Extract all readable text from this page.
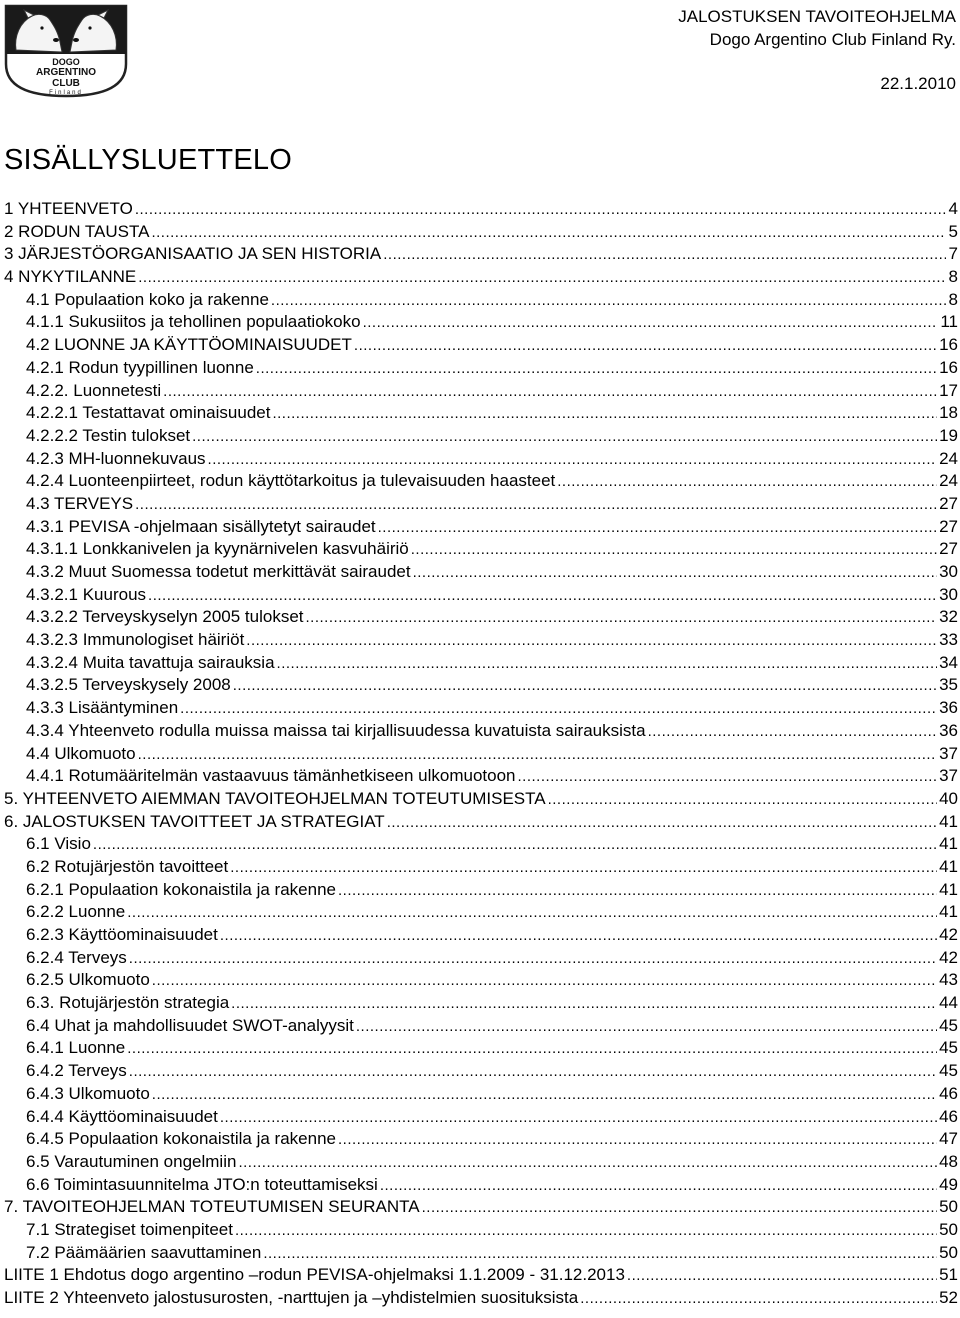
DOGO
ARGENTINO
CLUB
Finland
JALOSTUKSEN TAVOITEOHJELMA
Dogo Argentino Club Finland Ry.
22.1.2010
SISÄLLYSLUETTELO
1 YHTEENVETO .....	4
2 RODUN TAUSTA .....	5
3 JÄRJESTÖORGANISAATIO JA SEN HISTORIA .....	7
4 NYKYTILANNE .....	8
4.1 Populaation koko ja rakenne .....	8
4.1.1 Sukusiitos ja tehollinen populaatiokoko .....	11
4.2 LUONNE JA KÄYTTÖOMINAISUUDET .....	16
4.2.1 Rodun tyypillinen luonne .....	16
4.2.2. Luonnetesti .....	17
4.2.2.1 Testattavat ominaisuudet .....	18
4.2.2.2 Testin tulokset .....	19
4.2.3 MH-luonnekuvaus .....	24
4.2.4 Luonteenpiirteet, rodun käyttötarkoitus ja tulevaisuuden haasteet .....	24
4.3 TERVEYS .....	27
4.3.1 PEVISA -ohjelmaan sisällytetyt sairaudet .....	27
4.3.1.1 Lonkkanivelen ja kyynärnivelen kasvuhäiriö .....	27
4.3.2 Muut Suomessa todetut merkittävät sairaudet .....	30
4.3.2.1 Kuurous .....	30
4.3.2.2 Terveyskyselyn 2005 tulokset .....	32
4.3.2.3 Immunologiset häiriöt .....	33
4.3.2.4 Muita tavattuja sairauksia .....	34
4.3.2.5 Terveyskysely 2008 .....	35
4.3.3 Lisääntyminen .....	36
4.3.4 Yhteenveto rodulla muissa maissa tai kirjallisuudessa kuvatuista sairauksista .....	36
4.4 Ulkomuoto .....	37
4.4.1 Rotumääritelmän vastaavuus tämänhetkiseen ulkomuotoon .....	37
5. YHTEENVETO AIEMMAN TAVOITEOHJELMAN TOTEUTUMISESTA .....	40
6. JALOSTUKSEN TAVOITTEET JA STRATEGIAT .....	41
6.1 Visio .....	41
6.2 Rotujärjestön tavoitteet .....	41
6.2.1 Populaation kokonaistila ja rakenne .....	41
6.2.2 Luonne .....	41
6.2.3 Käyttöominaisuudet .....	42
6.2.4 Terveys .....	42
6.2.5 Ulkomuoto .....	43
6.3. Rotujärjestön strategia .....	44
6.4 Uhat ja mahdollisuudet SWOT-analyysit .....	45
6.4.1 Luonne .....	45
6.4.2 Terveys .....	45
6.4.3 Ulkomuoto .....	46
6.4.4 Käyttöominaisuudet .....	46
6.4.5 Populaation kokonaistila ja rakenne .....	47
6.5 Varautuminen ongelmiin .....	48
6.6 Toimintasuunnitelma JTO:n toteuttamiseksi .....	49
7. TAVOITEOHJELMAN TOTEUTUMISEN SEURANTA .....	50
7.1 Strategiset toimenpiteet .....	50
7.2 Päämäärien saavuttaminen .....	50
LIITE 1 Ehdotus dogo argentino –rodun PEVISA-ohjelmaksi 1.1.2009 - 31.12.2013 .....	51
LIITE 2 Yhteenveto jalostusurosten, -narttujen ja –yhdistelmien suosituksista .....	52
